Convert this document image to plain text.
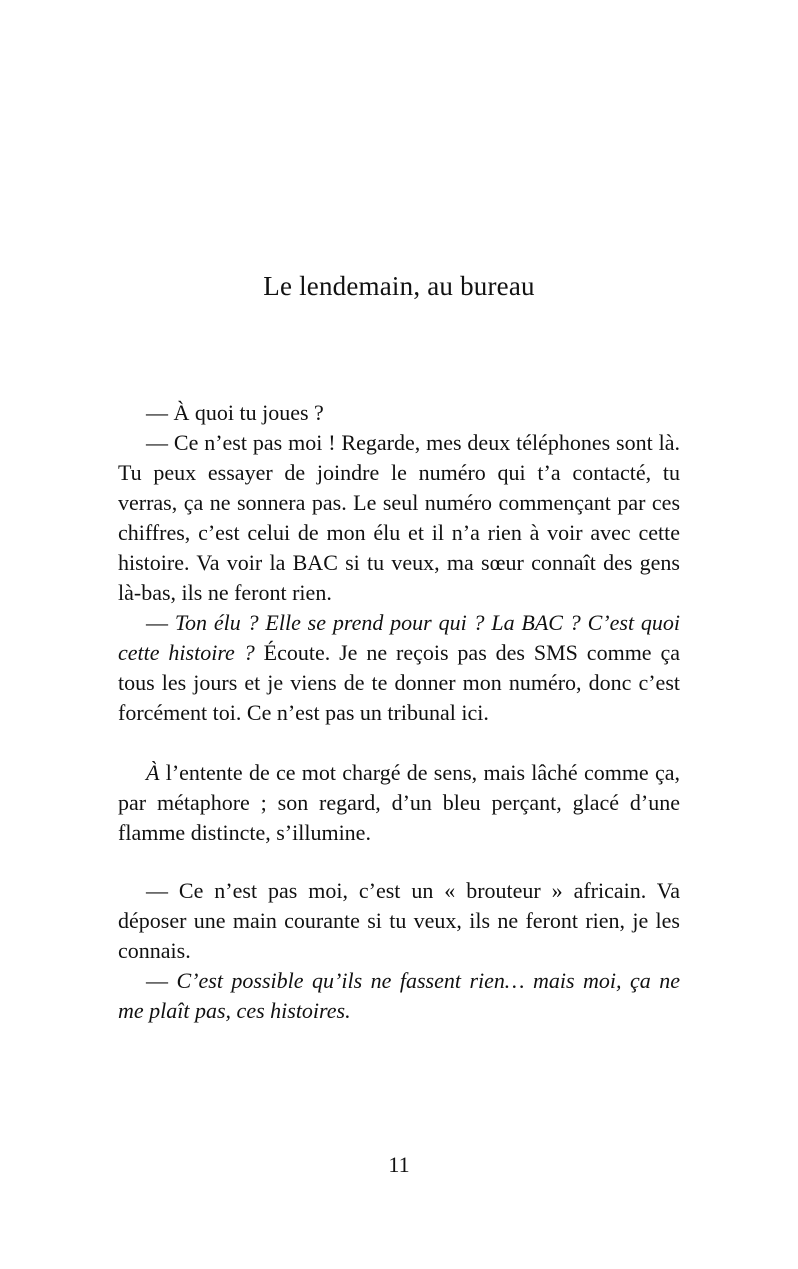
Le lendemain, au bureau

— À quoi tu joues ?

— Ce n’est pas moi ! Regarde, mes deux téléphones sont là. Tu peux essayer de joindre le numéro qui t’a contacté, tu verras, ça ne sonnera pas. Le seul numéro commençant par ces chiffres, c’est celui de mon élu et il n’a rien à voir avec cette histoire. Va voir la BAC si tu veux, ma sœur connaît des gens là-bas, ils ne feront rien.

— Ton élu ? Elle se prend pour qui ? La BAC ? C’est quoi cette histoire ? Écoute. Je ne reçois pas des SMS comme ça tous les jours et je viens de te donner mon numéro, donc c’est forcément toi. Ce n’est pas un tribunal ici.

À l’entente de ce mot chargé de sens, mais lâché comme ça, par métaphore ; son regard, d’un bleu perçant, glacé d’une flamme distincte, s’illumine.

— Ce n’est pas moi, c’est un « brouteur » africain. Va déposer une main courante si tu veux, ils ne feront rien, je les connais.

— C’est possible qu’ils ne fassent rien… mais moi, ça ne me plaît pas, ces histoires.

11
